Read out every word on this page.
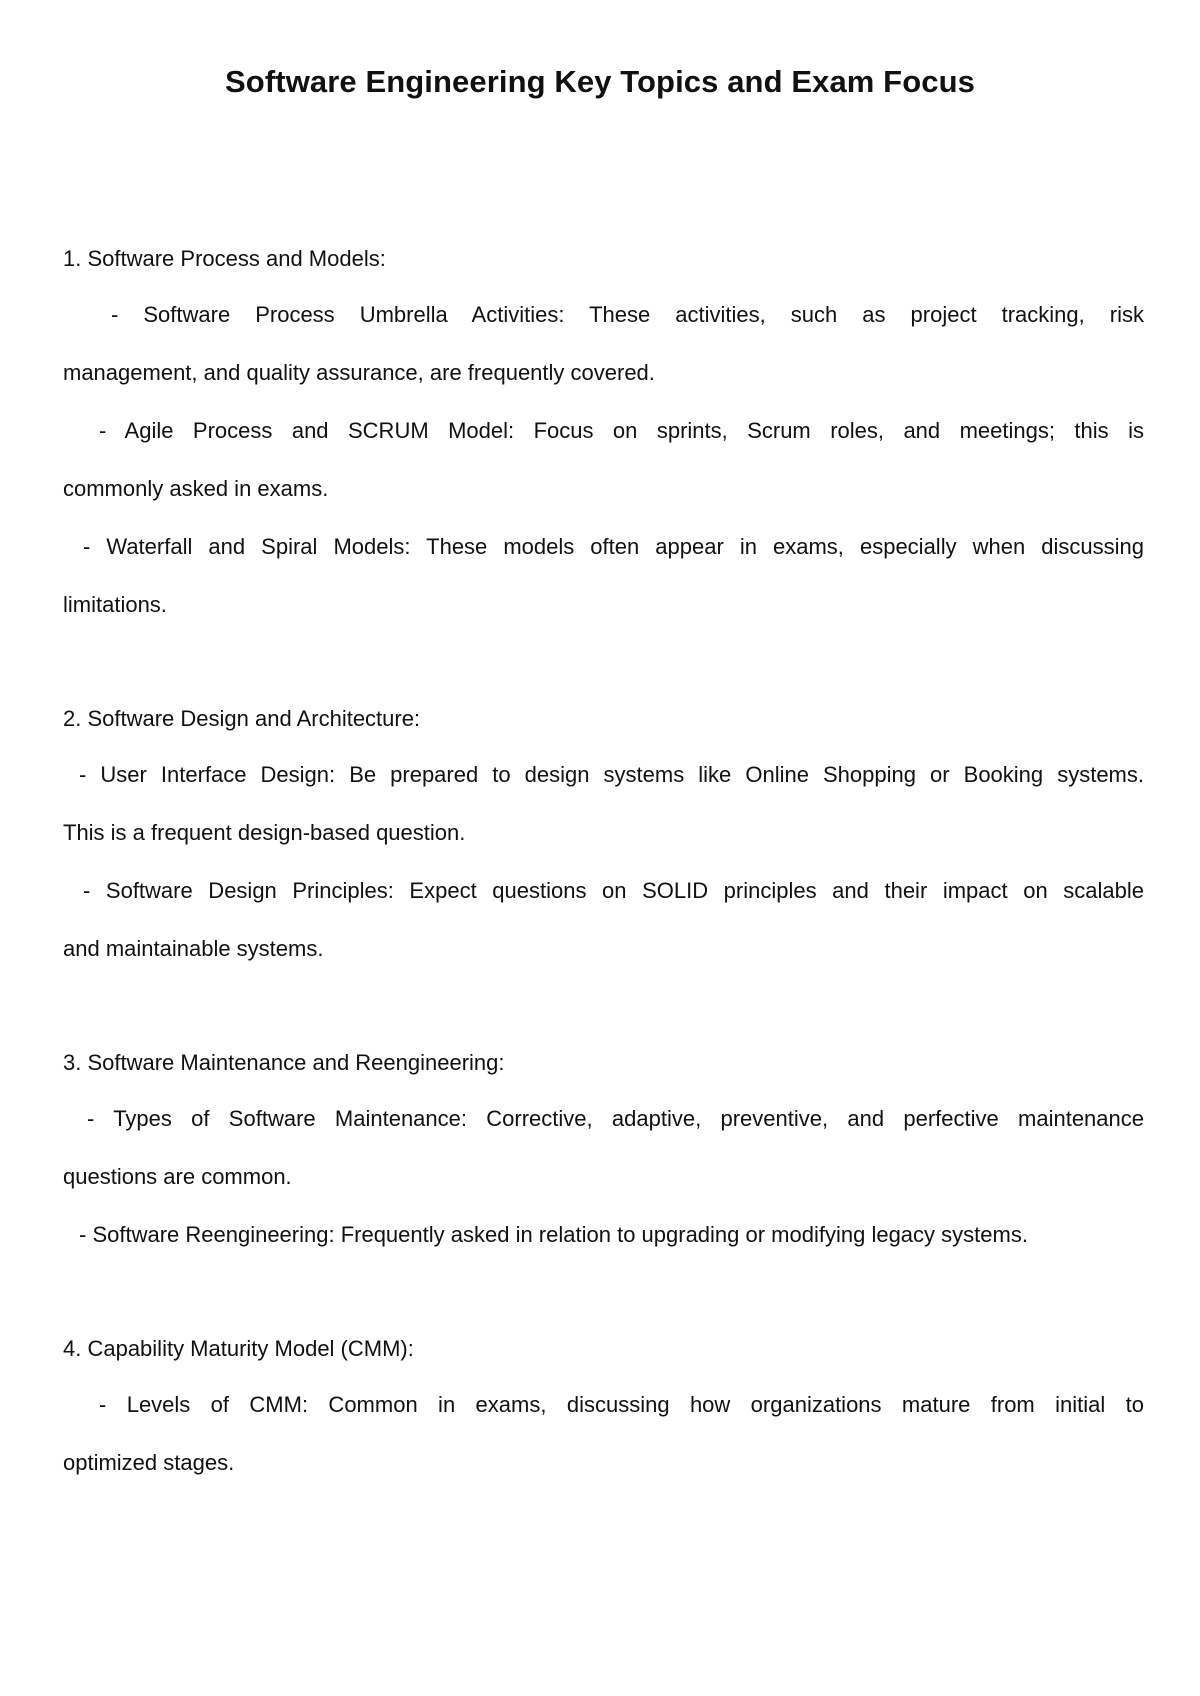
Software Engineering Key Topics and Exam Focus
1. Software Process and Models:
- Software Process Umbrella Activities: These activities, such as project tracking, risk
management, and quality assurance, are frequently covered.
- Agile Process and SCRUM Model: Focus on sprints, Scrum roles, and meetings; this is
commonly asked in exams.
- Waterfall and Spiral Models: These models often appear in exams, especially when discussing
limitations.
2. Software Design and Architecture:
- User Interface Design: Be prepared to design systems like Online Shopping or Booking systems.
This is a frequent design-based question.
- Software Design Principles: Expect questions on SOLID principles and their impact on scalable
and maintainable systems.
3. Software Maintenance and Reengineering:
- Types of Software Maintenance: Corrective, adaptive, preventive, and perfective maintenance
questions are common.
- Software Reengineering: Frequently asked in relation to upgrading or modifying legacy systems.
4. Capability Maturity Model (CMM):
- Levels of CMM: Common in exams, discussing how organizations mature from initial to
optimized stages.
